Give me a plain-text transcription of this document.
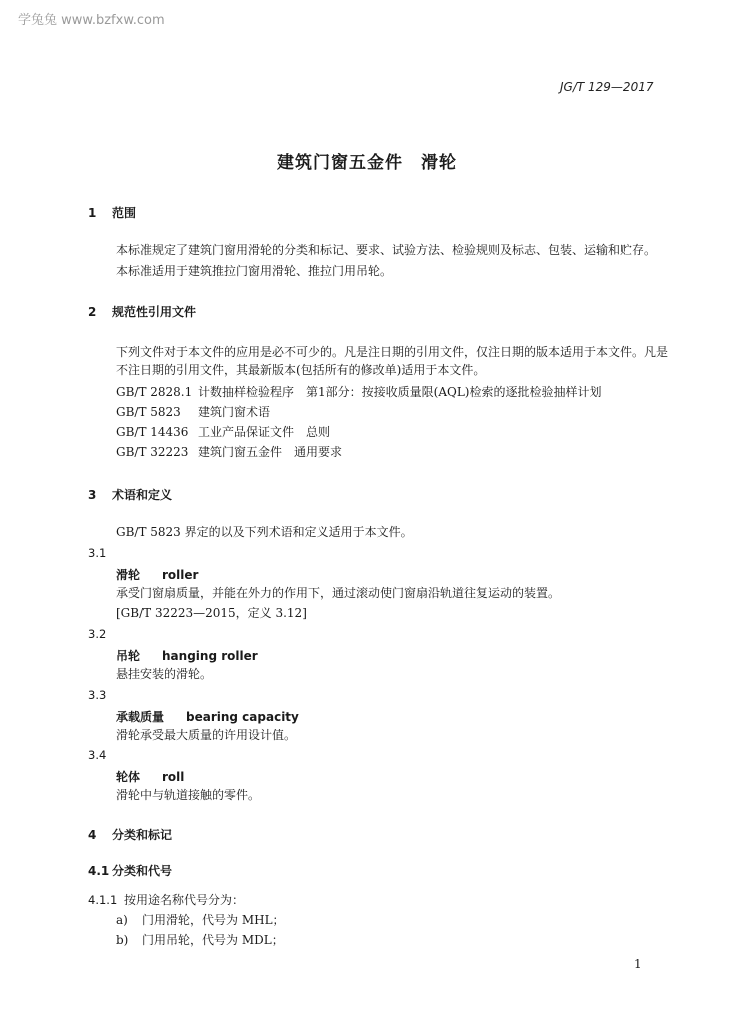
学兔兔 www.bzfxw.com
JG/T 129—2017
建筑门窗五金件　滑轮
1 范围
本标准规定了建筑门窗用滑轮的分类和标记、要求、试验方法、检验规则及标志、包装、运输和贮存。
本标准适用于建筑推拉门窗用滑轮、推拉门用吊轮。
2 规范性引用文件
下列文件对于本文件的应用是必不可少的。凡是注日期的引用文件，仅注日期的版本适用于本文件。凡是不注日期的引用文件，其最新版本(包括所有的修改单)适用于本文件。
GB/T 2828.1 计数抽样检验程序　第1部分：按接收质量限(AQL)检索的逐批检验抽样计划
GB/T 5823 建筑门窗术语
GB/T 14436 工业产品保证文件　总则
GB/T 32223 建筑门窗五金件　通用要求
3 术语和定义
GB/T 5823 界定的以及下列术语和定义适用于本文件。
3.1
滑轮 roller
承受门窗扇质量，并能在外力的作用下，通过滚动使门窗扇沿轨道往复运动的装置。
[GB/T 32223—2015，定义 3.12]
3.2
吊轮 hanging roller
悬挂安装的滑轮。
3.3
承载质量 bearing capacity
滑轮承受最大质量的许用设计值。
3.4
轮体 roll
滑轮中与轨道接触的零件。
4 分类和标记
4.1 分类和代号
4.1.1 按用途名称代号分为：
a) 门用滑轮，代号为 MHL；
b) 门用吊轮，代号为 MDL；
1
